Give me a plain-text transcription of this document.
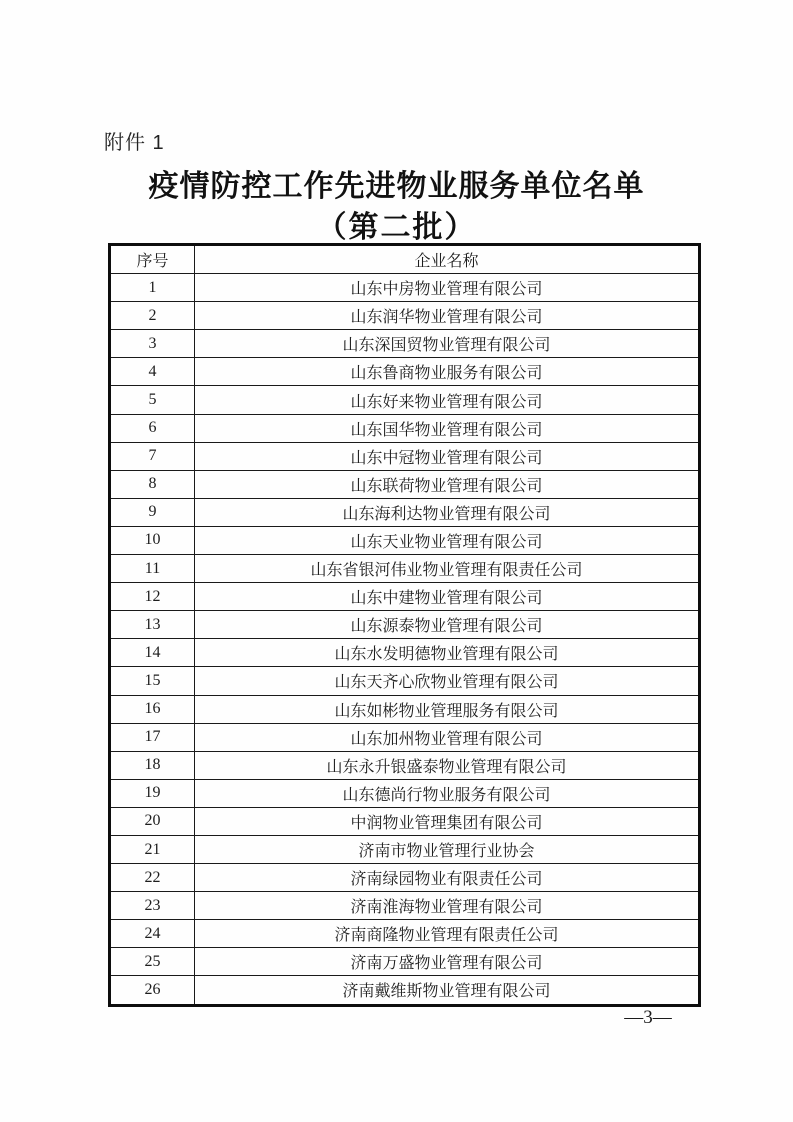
附件 1
疫情防控工作先进物业服务单位名单
（第二批）
序号	企业名称
1	山东中房物业管理有限公司
2	山东润华物业管理有限公司
3	山东深国贸物业管理有限公司
4	山东鲁商物业服务有限公司
5	山东好来物业管理有限公司
6	山东国华物业管理有限公司
7	山东中冠物业管理有限公司
8	山东联荷物业管理有限公司
9	山东海利达物业管理有限公司
10	山东天业物业管理有限公司
11	山东省银河伟业物业管理有限责任公司
12	山东中建物业管理有限公司
13	山东源泰物业管理有限公司
14	山东水发明德物业管理有限公司
15	山东天齐心欣物业管理有限公司
16	山东如彬物业管理服务有限公司
17	山东加州物业管理有限公司
18	山东永升银盛泰物业管理有限公司
19	山东德尚行物业服务有限公司
20	中润物业管理集团有限公司
21	济南市物业管理行业协会
22	济南绿园物业有限责任公司
23	济南淮海物业管理有限公司
24	济南商隆物业管理有限责任公司
25	济南万盛物业管理有限公司
26	济南戴维斯物业管理有限公司
—3—
